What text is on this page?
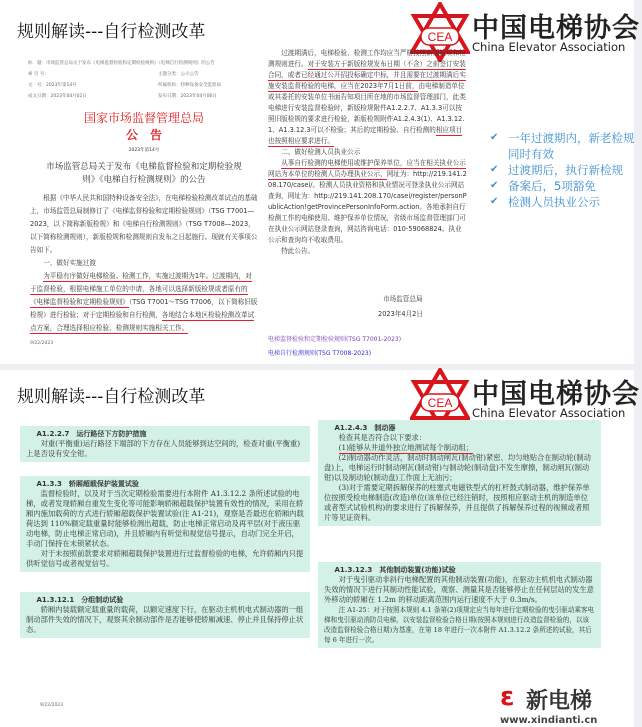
规则解读---自行检测改革	CEA 中国电梯协会
China Elevator Association
标　题：市场监管总局关于发布《电梯监督检验和定期检验规则》《电梯自行检测规则》的公告
索 引 号：	主题分类：公示公告
文　号：2023年第14号	所属机构：特种设备安全监察局
成文日期：2023年04月02日	发布日期：2023年04月06日
国家市场监督管理总局
公　告
2023年第14号
市场监管总局关于发布《电梯监督检验和定期检验规则》《电梯自行检测规则》的公告

根据《中华人民共和国特种设备安全法》，在电梯检验检测改革试点的基础上，市场监管总局制修订了《电梯监督检验和定期检验规则》（TSG T7001—2023，以下简称新版检规）和《电梯自行检测规则》（TSG T7008—2023，以下简称检测规则），新版检规和检测规则自发布之日起施行。现就有关事项公告如下。

一、做好实施过渡

为平稳有序做好电梯检验、检测工作，实施过渡期为1年。过渡期内，对于监督检验，根据电梯施工单位的申请，各地可以选择新版检规或者原有的《电梯监督检验和定期检验规则》（TSG T7001～TSG T7006，以下简称旧版检规）进行检验；对于定期检验和自行检测，各地结合本地区检验检测改革试点方案，合理选择相应检验、检测规则实施相关工作。

9/22/2023

过渡期满后，电梯检验、检测工作均应当严格按照新版检规和检测规则进行。对于安装方于新版检规发布日期（不含）之前签订安装合同，或者已经通过公开招投标确定中标，并且需要在过渡期满后实施安装监督检验的电梯，应当在2023年7月1日前，由电梯制造单位或其委托的安装单位书面告知项目所在地的市场监督管理部门，此类电梯进行安装监督检验时，新版检规附件A1.2.2.7、A1.3.3可以按照旧版检规的要求进行检验，新版检规附件A1.2.4.3(1)、A1.3.12.1、A1.3.12.3可以不检验；其后的定期检验、自行检测的相应项目也按照相应要求进行。

二、做好检测人员执业公示

从事自行检测的电梯使用或维护保养单位，应当在相关执业公示网站为本单位的检测人员办理执业公示，网址为：http://219.141.208.170/casei/。检测人员执业资格和执业情况可登录执业公示网站查询，网址为：http://219.141.208.170/casei/register/personPublicAction!getProvincePersonInfoForm.action。各地承担自行检测工作的电梯使用、维护保养单位情况，省级市场监督管理部门可在执业公示网站登录查询，网站咨询电话：010-59068824。执业公示和查询均不收取费用。

特此公告。

市场监管总局
2023年4月2日
电梯监督检验和定期检验规则(TSG T7001-2023)
电梯自行检测规则(TSG T7008-2023)
✔ 一年过渡期内，新老检规同时有效
✔ 过渡期后，执行新检规
✔ 备案后，5项豁免
✔ 检测人员执业公示
规则解读---自行检测改革	CEA 中国电梯协会
China Elevator Association
9/22/2023
A1.2.2.7　运行路径下方防护措施

对重(平衡重)运行路径下端部的下方存在人员能够到达空间的，检查对重(平衡重)上是否设有安全钳。

A1.3.3　轿厢超载保护装置试验

监督检验时，以及对于当次定期检验需要进行本附件 A1.3.12.2 条所述试验的电梯，或者发现轿厢自重发生变化等可能影响轿厢超载保护装置有效性的情况，采用在轿厢内施加载荷的方式进行轿厢超载保护装置试验(注 A1-21)，观察是否最迟在轿厢内载荷达到 110%额定载重量时能够检测出超载，防止电梯正常启动及再平层(对于液压驱动电梯，防止电梯正常启动)，并且轿厢内有听觉和视觉信号提示，自动门完全开启，手动门保持在未锁紧状态。

对于未按照前款要求对轿厢超载保护装置进行过监督检验的电梯，允许轿厢内只提供听觉信号或者视觉信号。

A1.3.12.1　分组制动试验

轿厢内装载额定载重量的载荷，以额定速度下行，在驱动主机机电式制动器的一组制动部件失效的情况下，观察其余制动部件是否能够使轿厢减速、停止并且保持停止状态。

A1.2.4.3　制动器

检查其是否符合以下要求：

(1)能够从井道外独立地测试每个制动组；

(2)制动器动作灵活，制动时制动闸瓦(制动钳)紧密、均匀地贴合在制动轮(制动盘)上，电梯运行时制动闸瓦(制动钳)与制动轮(制动盘)不发生摩擦，制动闸瓦(制动钳)以及制动轮(制动盘)工作面上无油污；

(3)对于需要定期拆解保养的柱塞式电磁铁型式的杠杆鼓式制动器，维护保养单位按照受检电梯制造(改造)单位(该单位已经注销时，按照相应驱动主机的制造单位或者型式试验机构)的要求进行了拆解保养，并且提供了拆解保养过程的视频或者照片等见证资料。

A1.3.12.3　其他制动装置(功能)试验

对于曳引驱动非斜行电梯配置的其他制动装置(功能)，在驱动主机机电式制动器失效的情况下进行其制动性能试验，观察、测量其是否能够停止在任何层站的发生意外移动的轿厢在 1.2m 的移动距离范围内运行速度不大于 0.3m/s。

注 A1-25：对于按照本规则 4.1 条第(2)项规定应当每年进行定期检验的曳引驱动乘客电梯和曳引驱动消防员电梯，以安装监督检验合格日期(按照本规则进行改造监督检验的，以该改造监督检验合格日期)为基准，在第 18 年进行一次本附件 A1.3.12.2 条所述的试验，其后每 6 年进行一次。

ε 新电梯
www.xindianti.cn
